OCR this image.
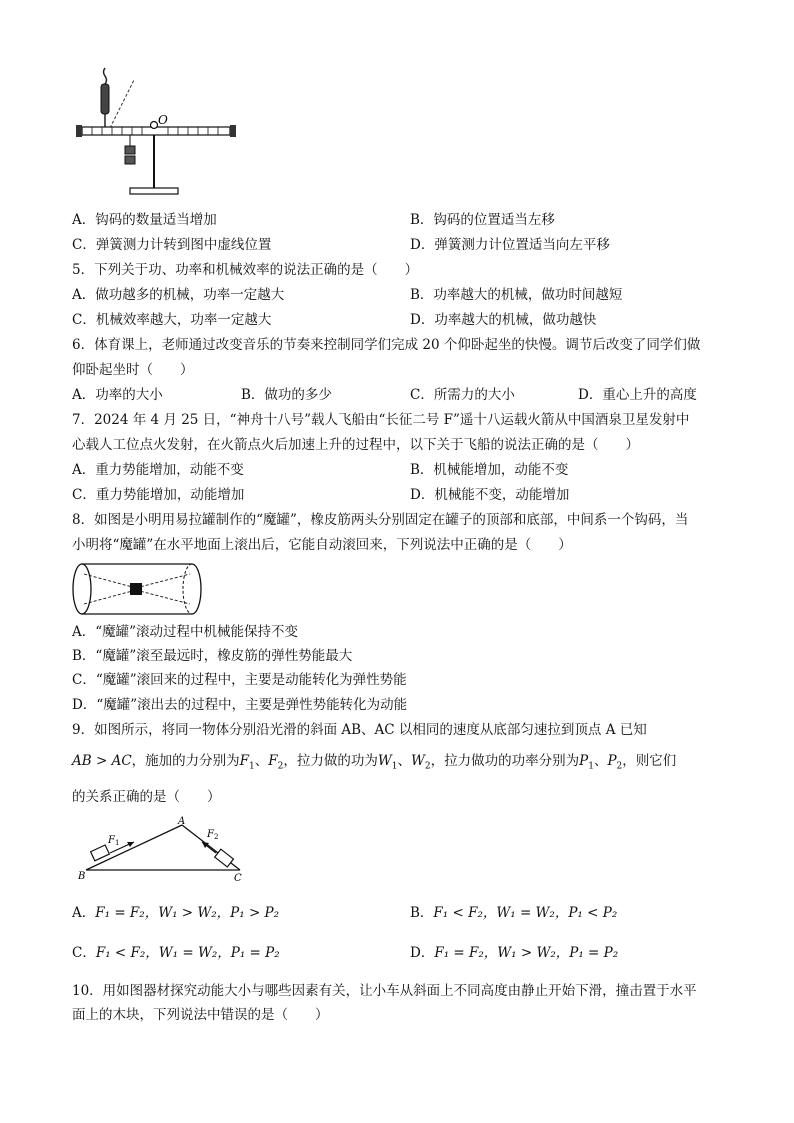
O
A．钩码的数量适当增加	B．钩码的位置适当左移
C．弹簧测力计转到图中虚线位置	D．弹簧测力计位置适当向左平移
5．下列关于功、功率和机械效率的说法正确的是（　　）
A．做功越多的机械，功率一定越大	B．功率越大的机械，做功时间越短
C．机械效率越大，功率一定越大	D．功率越大的机械，做功越快
6．体育课上，老师通过改变音乐的节奏来控制同学们完成 20 个仰卧起坐的快慢。调节后改变了同学们做
仰卧起坐时（　　）
A．功率的大小	B．做功的多少	C．所需力的大小	D．重心上升的高度
7．2024 年 4 月 25 日，“神舟十八号”载人飞船由“长征二号 F”遥十八运载火箭从中国酒泉卫星发射中
心载人工位点火发射，在火箭点火后加速上升的过程中，以下关于飞船的说法正确的是（　　）
A．重力势能增加，动能不变	B．机械能增加，动能不变
C．重力势能增加，动能增加	D．机械能不变，动能增加
8．如图是小明用易拉罐制作的“魔罐”，橡皮筋两头分别固定在罐子的顶部和底部，中间系一个钩码，当
小明将“魔罐”在水平地面上滚出后，它能自动滚回来，下列说法中正确的是（　　）
A．“魔罐”滚动过程中机械能保持不变
B．“魔罐”滚至最远时，橡皮筋的弹性势能最大
C．“魔罐”滚回来的过程中，主要是动能转化为弹性势能
D．“魔罐”滚出去的过程中，主要是弹性势能转化为动能
9．如图所示，将同一物体分别沿光滑的斜面 AB、AC 以相同的速度从底部匀速拉到顶点 A 已知
AB > AC，施加的力分别为$F_1$、$F_2$，拉力做的功为$W_1$、$W_2$，拉力做功的功率分别为$P_1$、$P_2$，则它们
的关系正确的是（　　）
A
B	C
F 1
F 2
A．F₁ = F₂，W₁ > W₂，P₁ > P₂	B．F₁ < F₂，W₁ = W₂，P₁ < P₂
C．F₁ < F₂，W₁ = W₂，P₁ = P₂	D．F₁ = F₂，W₁ > W₂，P₁ = P₂
10．用如图器材探究动能大小与哪些因素有关，让小车从斜面上不同高度由静止开始下滑，撞击置于水平
面上的木块，下列说法中错误的是（　　）
